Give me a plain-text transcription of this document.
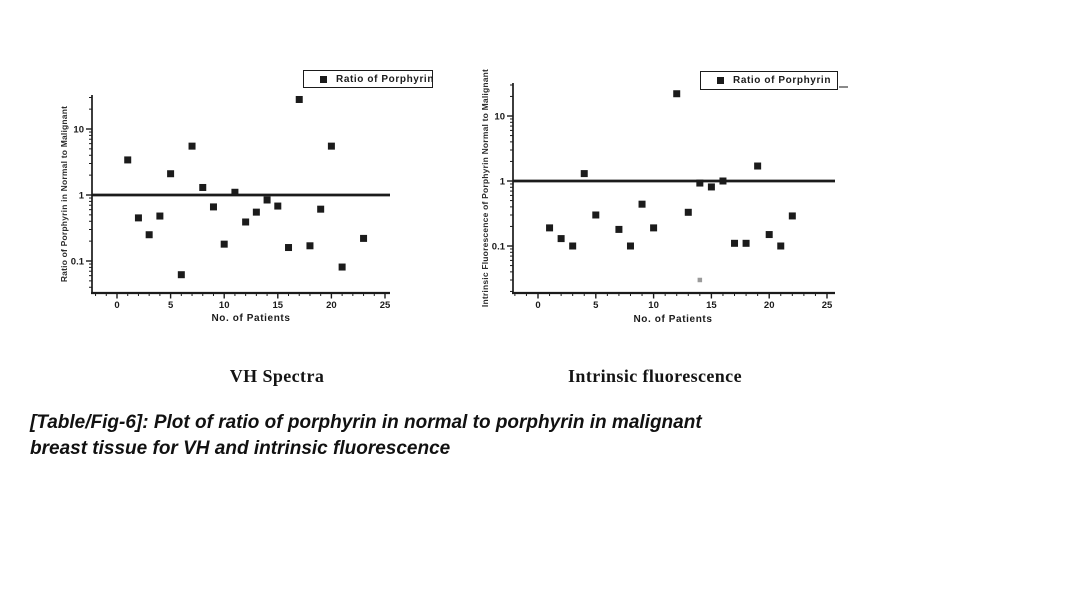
10
1
0.1
0	5	10	15	20	25
10
1
0.1
0	5	10	15	20	25
Ratio of Porphyrin	Ratio of Porphyrin
Ratio of Porphyrin in Normal to Malignant	Intrinsic Fluorescence of Porphyrin Normal to Malignant
No. of Patients	No. of Patients
VH Spectra	Intrinsic fluorescence
[Table/Fig-6]: Plot of ratio of porphyrin in normal to porphyrin in malignant
breast tissue for VH and intrinsic fluorescence
